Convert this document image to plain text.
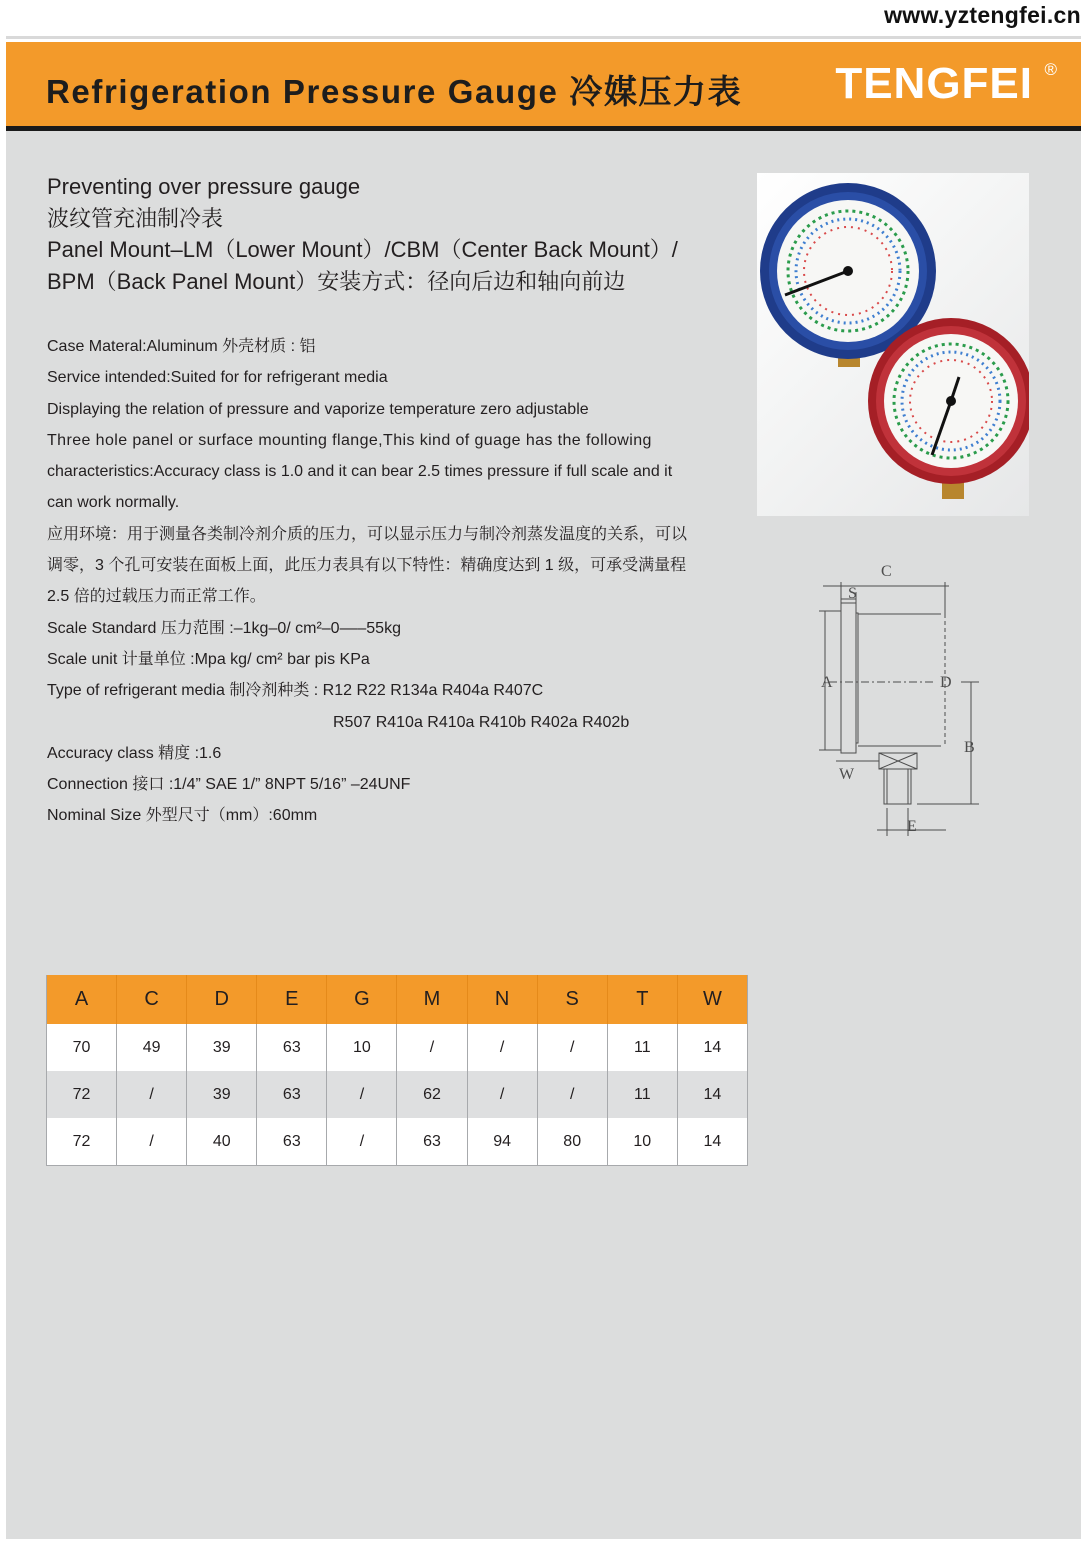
www.yztengfei.cn
Refrigeration Pressure Gauge 冷媒压力表 TENGFEI ®
Preventing over pressure gauge
波纹管充油制冷表
Panel Mount–LM（Lower Mount）/CBM（Center Back Mount）/
BPM（Back Panel Mount）安装方式：径向后边和轴向前边
Case Materal:Aluminum 外壳材质 : 铝
Service intended:Suited for for refrigerant media
Displaying the relation of pressure and vaporize temperature zero adjustable
Three hole panel or surface mounting flange,This kind of guage has the following
characteristics:Accuracy class is 1.0 and it can bear 2.5 times pressure if full scale and it
can work normally.
应用环境：用于测量各类制冷剂介质的压力，可以显示压力与制冷剂蒸发温度的关系，可以
调零，3 个孔可安装在面板上面，此压力表具有以下特性：精确度达到 1 级，可承受满量程
2.5 倍的过载压力而正常工作。
Scale Standard 压力范围 :–1kg–0/ cm²–0–––55kg
Scale unit 计量单位 :Mpa kg/ cm² bar pis KPa
Type of refrigerant media 制冷剂种类 : R12 R22 R134a R404a R407C
R507 R410a R410a R410b R402a R402b
Accuracy class 精度 :1.6
Connection 接口 :1/4” SAE 1/” 8NPT 5/16” –24UNF
Nominal Size 外型尺寸（mm）:60mm
C
S
A	D
B
W
E
A	C	D	E	G	M	N	S	T	W
70	49	39	63	10	/	/	/	11	14
72	/	39	63	/	62	/	/	11	14
72	/	40	63	/	63	94	80	10	14
